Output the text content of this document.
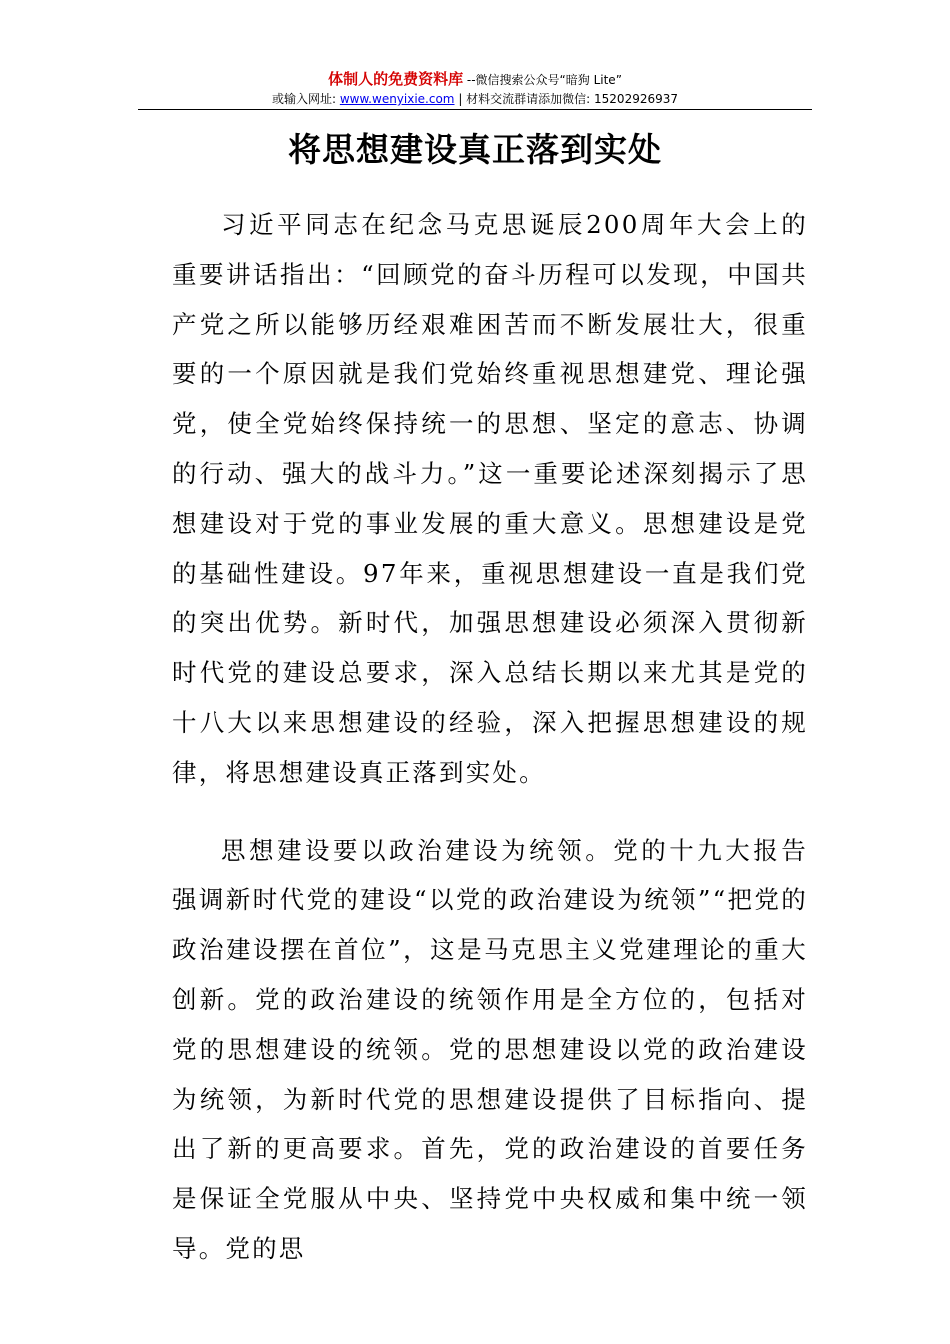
体制人的免费资料库 --微信搜索公众号“暗狗 Lite”
或输入网址: www.wenyixie.com | 材料交流群请添加微信: 15202926937
将思想建设真正落到实处

习近平同志在纪念马克思诞辰200周年大会上的重要讲话指出：“回顾党的奋斗历程可以发现，中国共产党之所以能够历经艰难困苦而不断发展壮大，很重要的一个原因就是我们党始终重视思想建党、理论强党，使全党始终保持统一的思想、坚定的意志、协调的行动、强大的战斗力。”这一重要论述深刻揭示了思想建设对于党的事业发展的重大意义。思想建设是党的基础性建设。97年来，重视思想建设一直是我们党的突出优势。新时代，加强思想建设必须深入贯彻新时代党的建设总要求，深入总结长期以来尤其是党的十八大以来思想建设的经验，深入把握思想建设的规律，将思想建设真正落到实处。

思想建设要以政治建设为统领。党的十九大报告强调新时代党的建设“以党的政治建设为统领”“把党的政治建设摆在首位”，这是马克思主义党建理论的重大创新。党的政治建设的统领作用是全方位的，包括对党的思想建设的统领。党的思想建设以党的政治建设为统领，为新时代党的思想建设提供了目标指向、提出了新的更高要求。首先，党的政治建设的首要任务是保证全党服从中央、坚持党中央权威和集中统一领导。党的思
